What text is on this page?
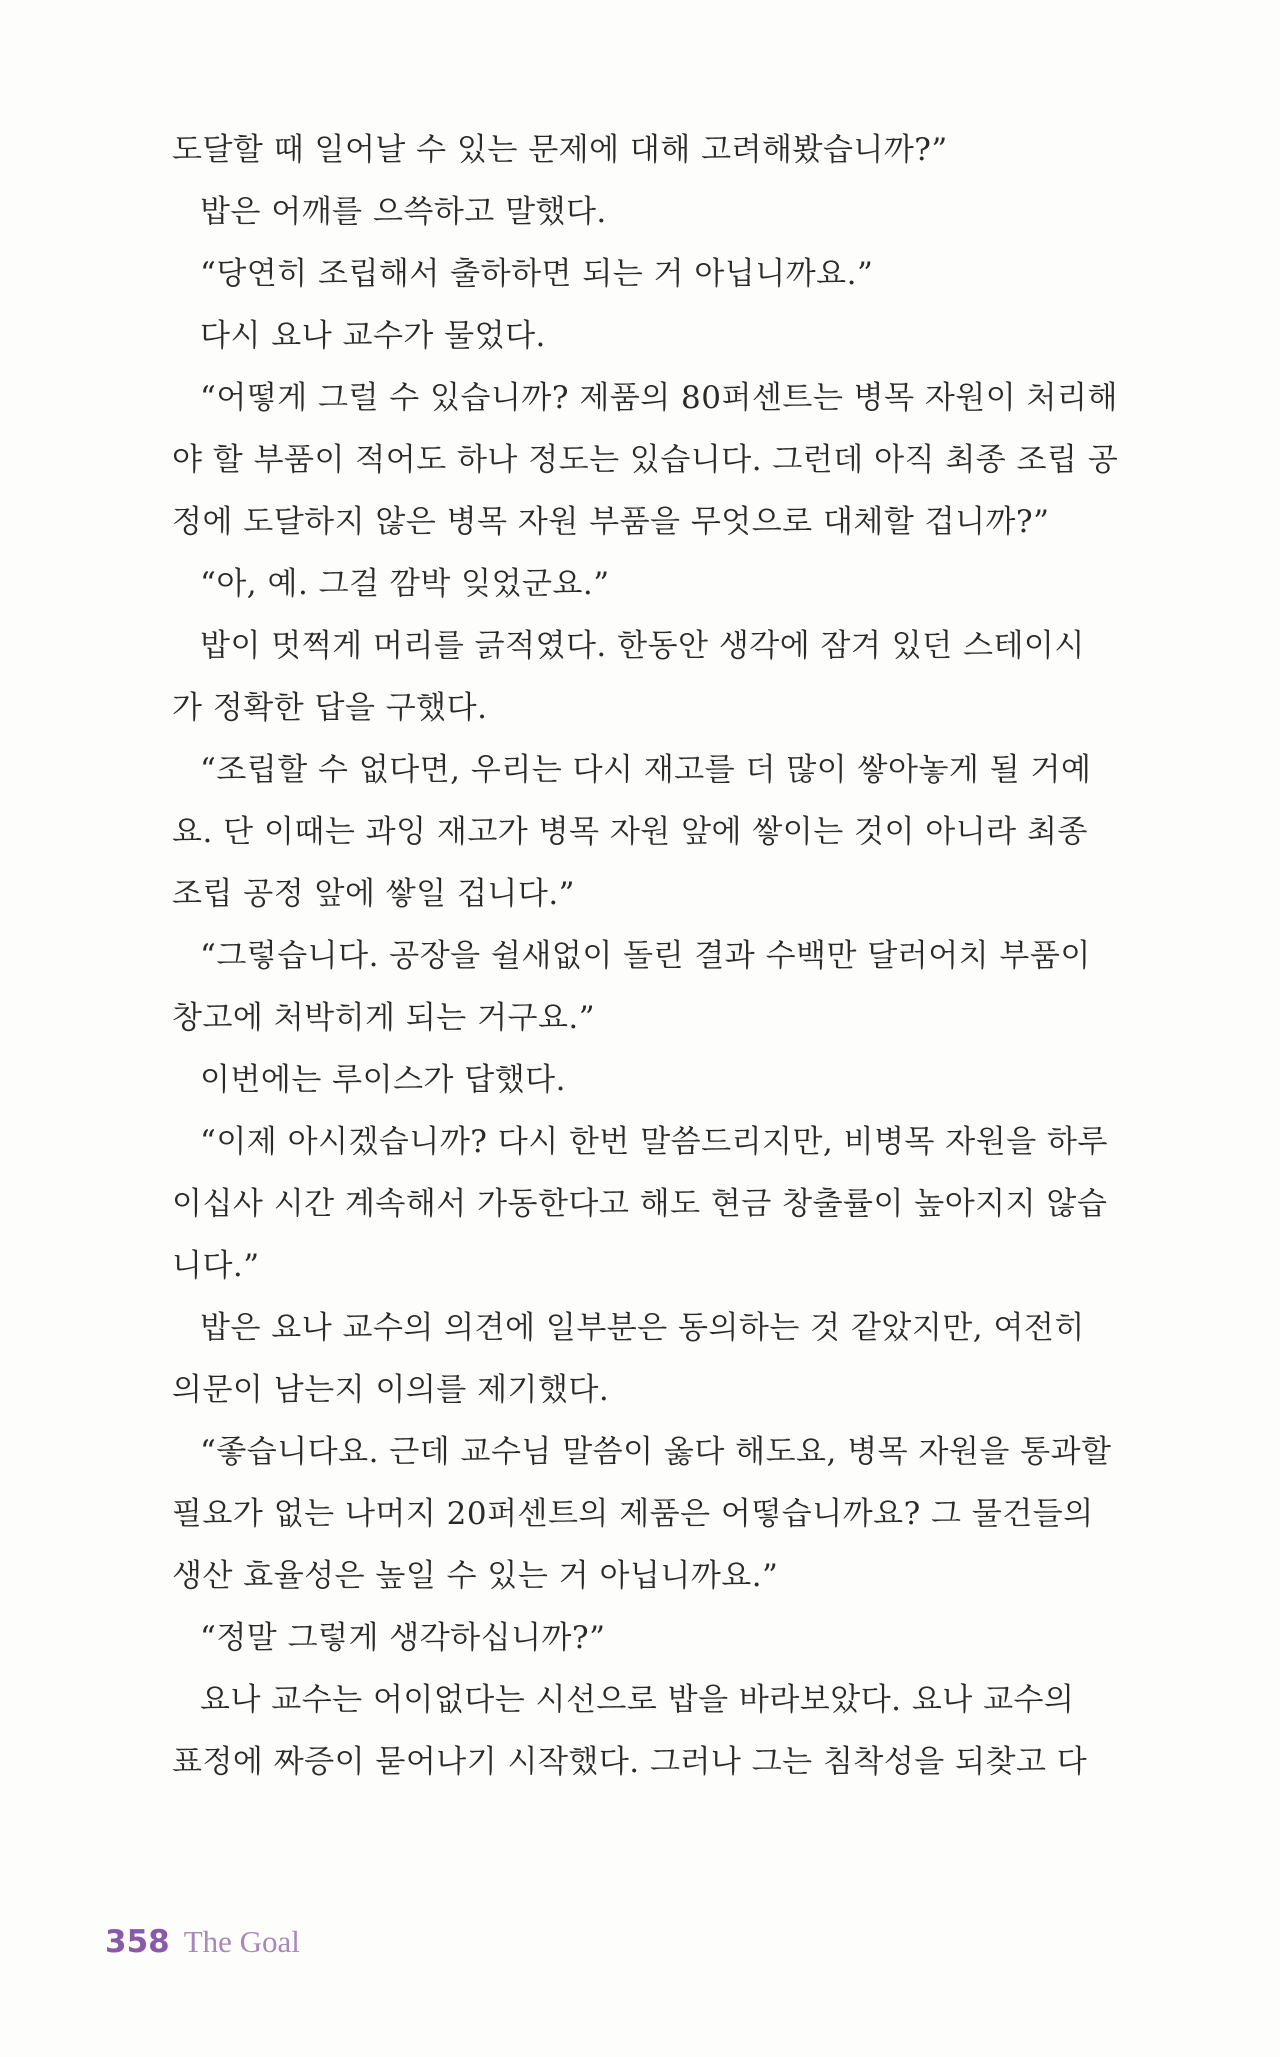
도달할 때 일어날 수 있는 문제에 대해 고려해봤습니까?”
밥은 어깨를 으쓱하고 말했다.
“당연히 조립해서 출하하면 되는 거 아닙니까요.”
다시 요나 교수가 물었다.
“어떻게 그럴 수 있습니까? 제품의 80퍼센트는 병목 자원이 처리해
야 할 부품이 적어도 하나 정도는 있습니다. 그런데 아직 최종 조립 공
정에 도달하지 않은 병목 자원 부품을 무엇으로 대체할 겁니까?”
“아, 예. 그걸 깜박 잊었군요.”
밥이 멋쩍게 머리를 긁적였다. 한동안 생각에 잠겨 있던 스테이시
가 정확한 답을 구했다.
“조립할 수 없다면, 우리는 다시 재고를 더 많이 쌓아놓게 될 거예
요. 단 이때는 과잉 재고가 병목 자원 앞에 쌓이는 것이 아니라 최종
조립 공정 앞에 쌓일 겁니다.”
“그렇습니다. 공장을 쉴새없이 돌린 결과 수백만 달러어치 부품이
창고에 처박히게 되는 거구요.”
이번에는 루이스가 답했다.
“이제 아시겠습니까? 다시 한번 말씀드리지만, 비병목 자원을 하루
이십사 시간 계속해서 가동한다고 해도 현금 창출률이 높아지지 않습
니다.”
밥은 요나 교수의 의견에 일부분은 동의하는 것 같았지만, 여전히
의문이 남는지 이의를 제기했다.
“좋습니다요. 근데 교수님 말씀이 옳다 해도요, 병목 자원을 통과할
필요가 없는 나머지 20퍼센트의 제품은 어떻습니까요? 그 물건들의
생산 효율성은 높일 수 있는 거 아닙니까요.”
“정말 그렇게 생각하십니까?”
요나 교수는 어이없다는 시선으로 밥을 바라보았다. 요나 교수의
표정에 짜증이 묻어나기 시작했다. 그러나 그는 침착성을 되찾고 다
358 The Goal
